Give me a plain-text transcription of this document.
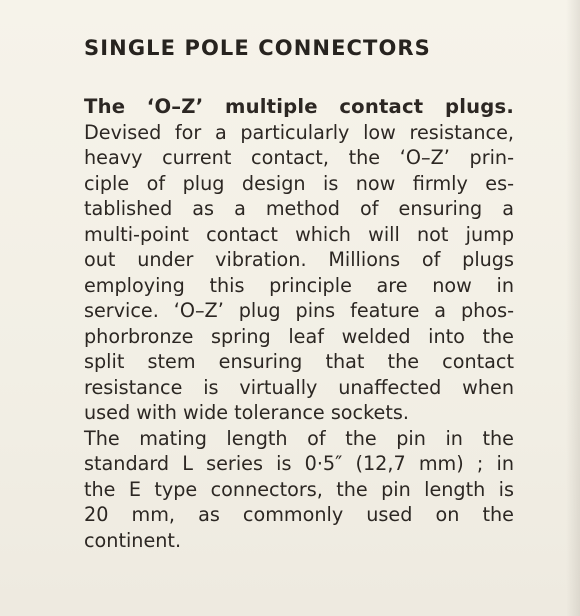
SINGLE POLE CONNECTORS
The ‘O–Z’ multiple contact plugs.
Devised for a particularly low resistance,
heavy current contact, the ‘O–Z’ prin-
ciple of plug design is now firmly es-
tablished as a method of ensuring a
multi-point contact which will not jump
out under vibration. Millions of plugs
employing this principle are now in
service. ‘O–Z’ plug pins feature a phos-
phorbronze spring leaf welded into the
split stem ensuring that the contact
resistance is virtually unaffected when
used with wide tolerance sockets.
The mating length of the pin in the
standard L series is 0·5″ (12,7 mm) ; in
the E type connectors, the pin length is
20 mm, as commonly used on the
continent.
